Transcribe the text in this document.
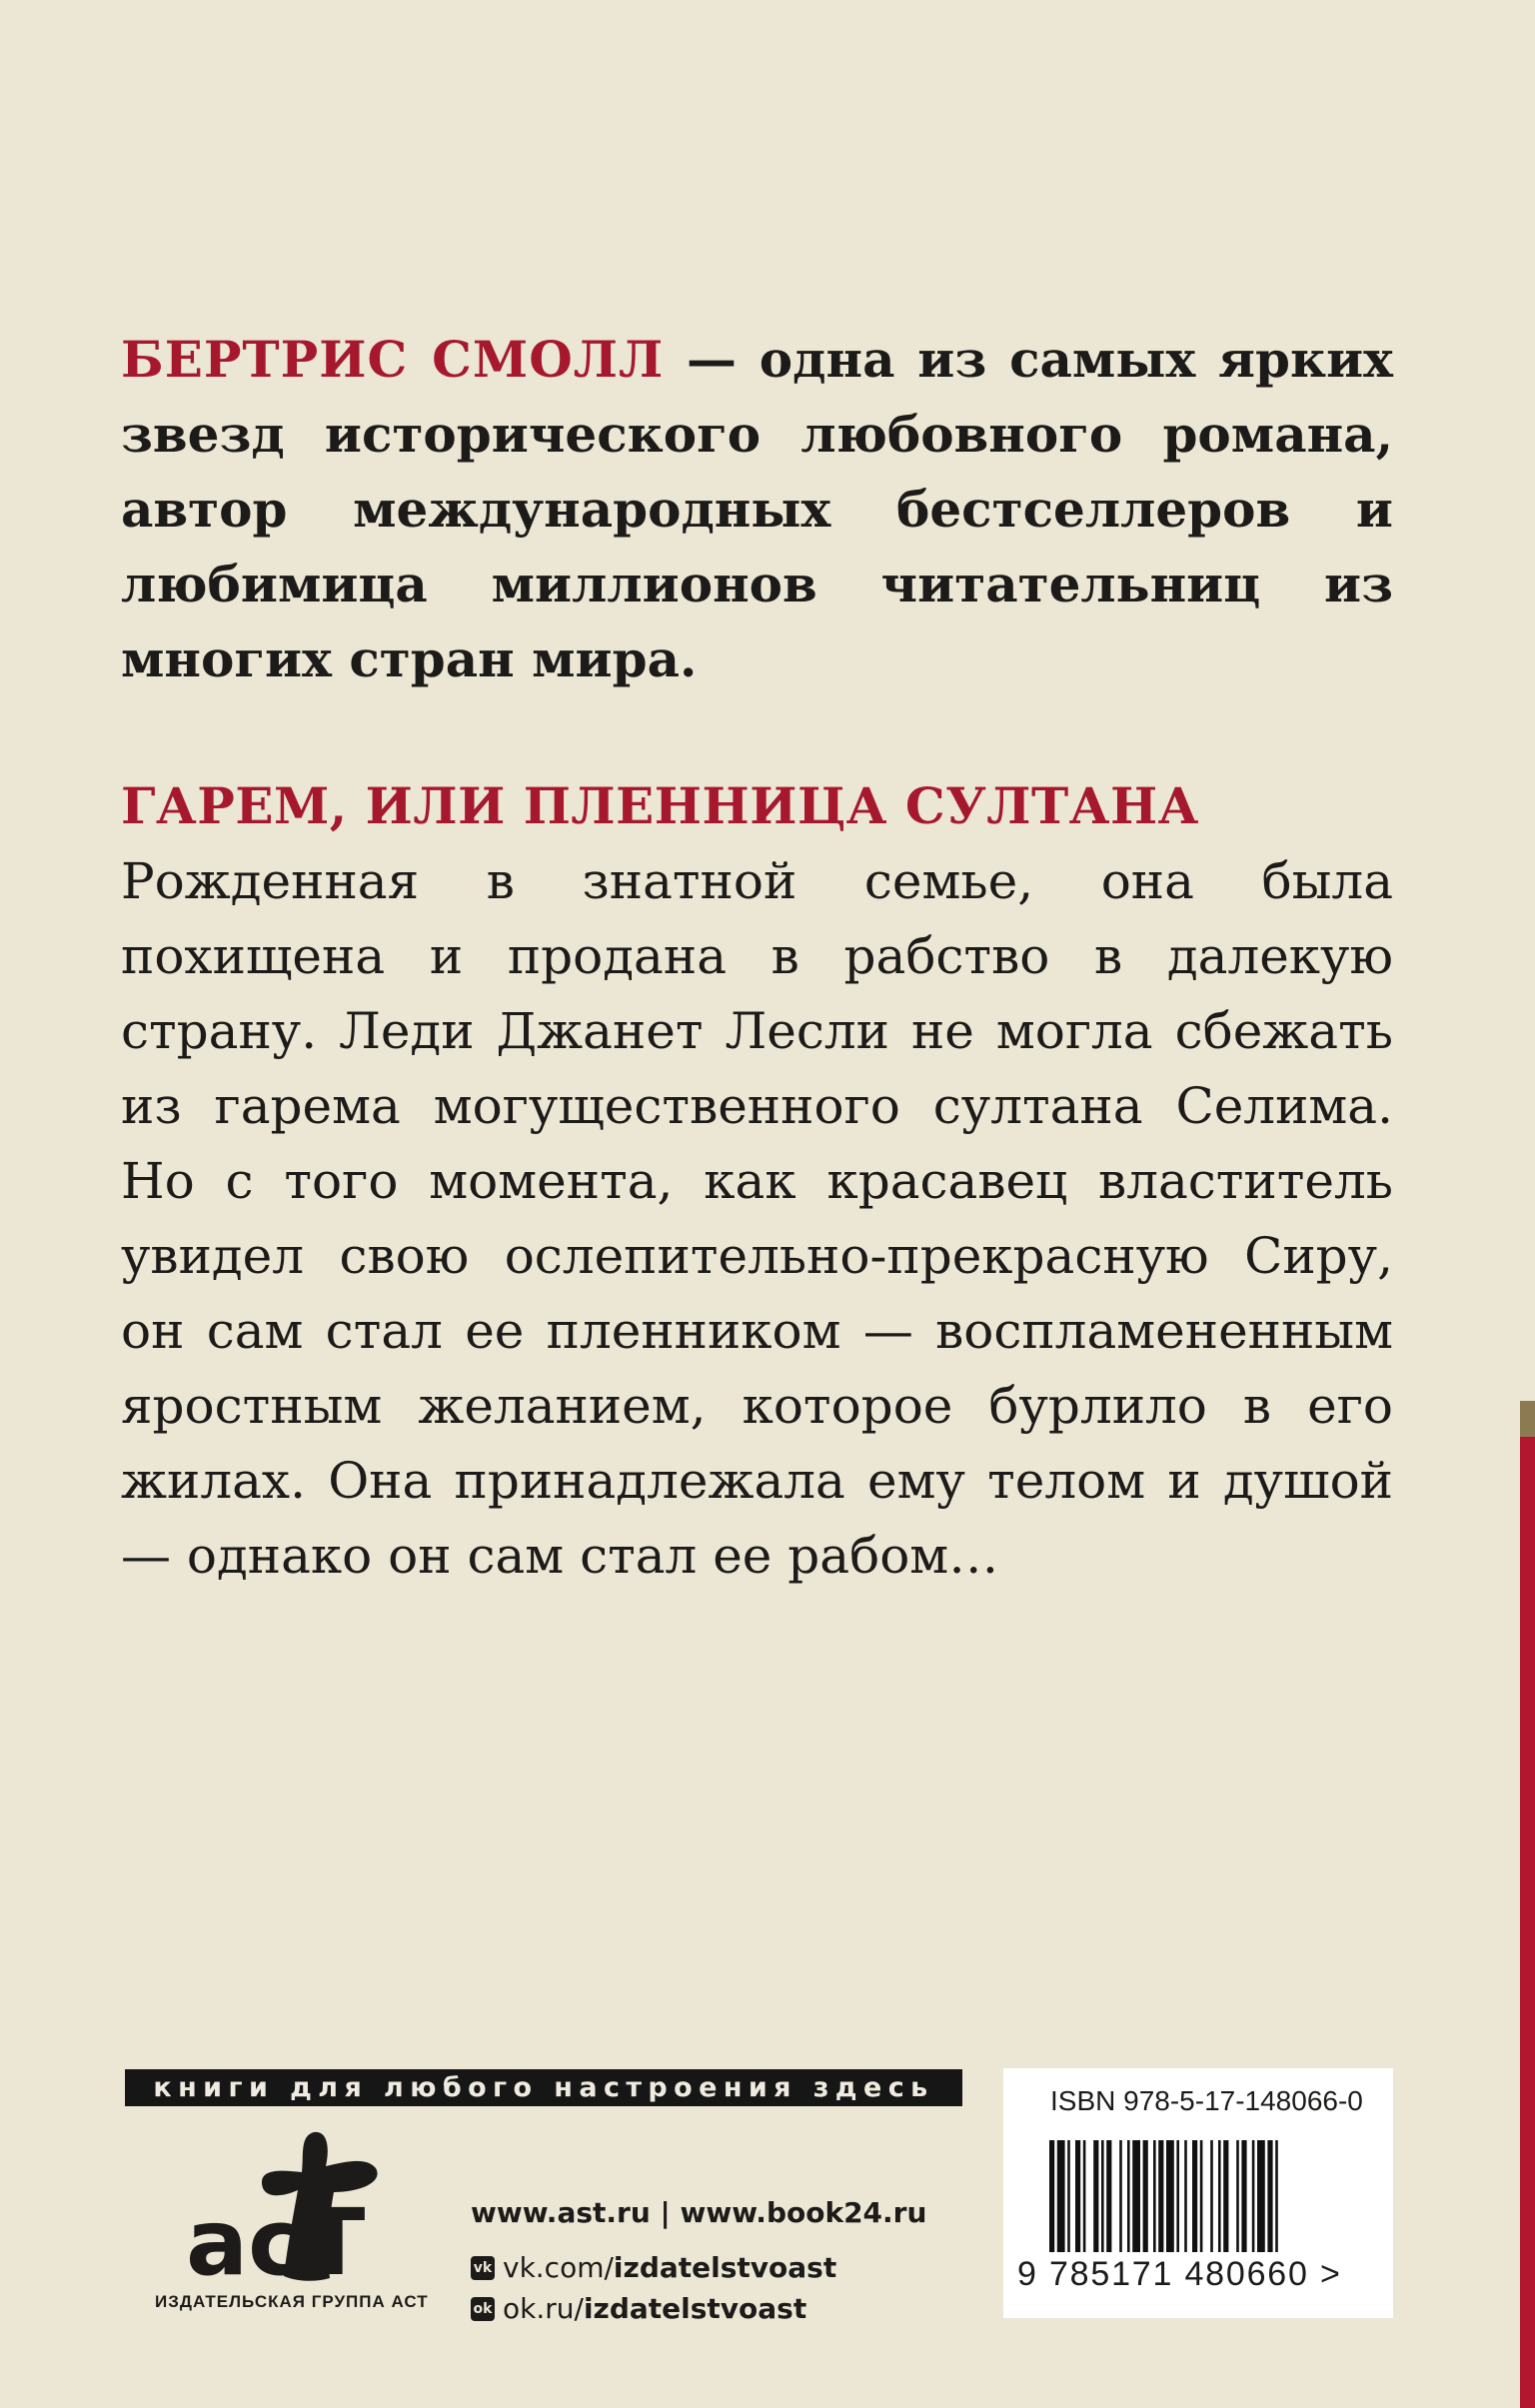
БЕРТРИС СМОЛЛ — одна из самых ярких звезд исторического любовного романа, автор международных бестселлеров и любимица миллионов читательниц из многих стран мира.

ГАРЕМ, ИЛИ ПЛЕННИЦА СУЛТАНА

Рожденная в знатной семье, она была похищена и продана в рабство в далекую страну. Леди Джанет Лесли не могла сбежать из гарема могущественного султана Селима. Но с того момента, как красавец властитель увидел свою ослепительно-прекрасную Сиру, он сам стал ее пленником — воспламененным яростным желанием, которое бурлило в его жилах. Она принадлежала ему телом и душой — однако он сам стал ее рабом…

книги для любого настроения здесь
acT
ИЗДАТЕЛЬСКАЯ ГРУППА АСТ
www.ast.ru | www.book24.ru
vk vk.com/izdatelstvoast
ok ok.ru/izdatelstvoast
ISBN 978-5-17-148066-0
9 785171 480660 >
